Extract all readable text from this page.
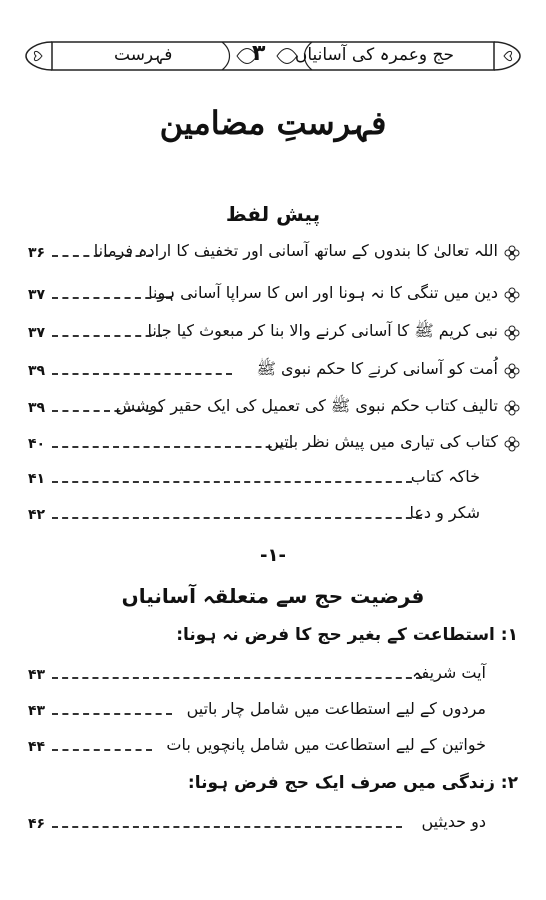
حج وعمرہ کی آسانیاں
۳
فہرست
فہرستِ مضامین
پیش لفظ
۳۶	اللہ تعالیٰ کا بندوں کے ساتھ آسانی اور تخفیف کا ارادہ فرمانا
۳۷	دین میں تنگی کا نہ ہونا اور اس کا سراپا آسانی ہونا
۳۷	نبی کریم ﷺ کا آسانی کرنے والا بنا کر مبعوث کیا جانا
۳۹	اُمت کو آسانی کرنے کا حکم نبوی ﷺ
۳۹	تالیف کتاب حکم نبوی ﷺ کی تعمیل کی ایک حقیر کوشش
۴۰	کتاب کی تیاری میں پیش نظر باتیں
۴۱	خاکہ کتاب
۴۲	شکر و دعا
-۱-
فرضیت حج سے متعلقہ آسانیاں
۱: استطاعت کے بغیر حج کا فرض نہ ہونا:
۴۳	آیت شریفہ
۴۳	مردوں کے لیے استطاعت میں شامل چار باتیں
۴۴	خواتین کے لیے استطاعت میں شامل پانچویں بات
۲: زندگی میں صرف ایک حج فرض ہونا:
۴۶	دو حدیثیں
